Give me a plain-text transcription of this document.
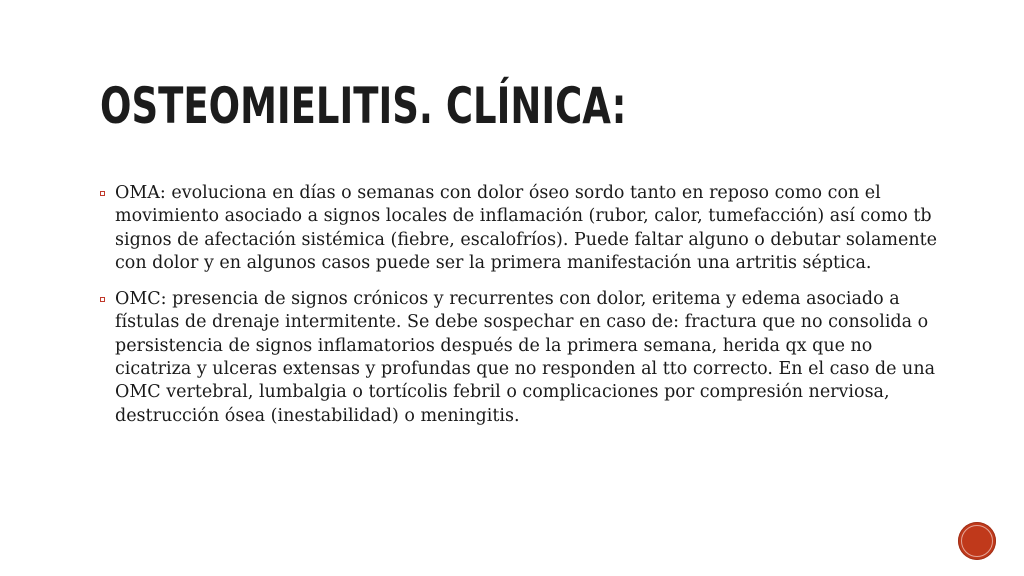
OSTEOMIELITIS. CLÍNICA:
OMA: evoluciona en días o semanas con dolor óseo sordo tanto en reposo como con el movimiento asociado a signos locales de inflamación (rubor, calor, tumefacción) así como tb signos de afectación sistémica (fiebre, escalofríos). Puede faltar alguno o debutar solamente con dolor y en algunos casos puede ser la primera manifestación una artritis séptica.
OMC: presencia de signos crónicos y recurrentes con dolor, eritema y edema asociado a fístulas de drenaje intermitente. Se debe sospechar en caso de: fractura que no consolida o persistencia de signos inflamatorios después de la primera semana, herida qx que no cicatriza y ulceras extensas y profundas que no responden al tto correcto. En el caso de una OMC vertebral, lumbalgia o tortícolis febril o complicaciones por compresión nerviosa, destrucción ósea (inestabilidad) o meningitis.
